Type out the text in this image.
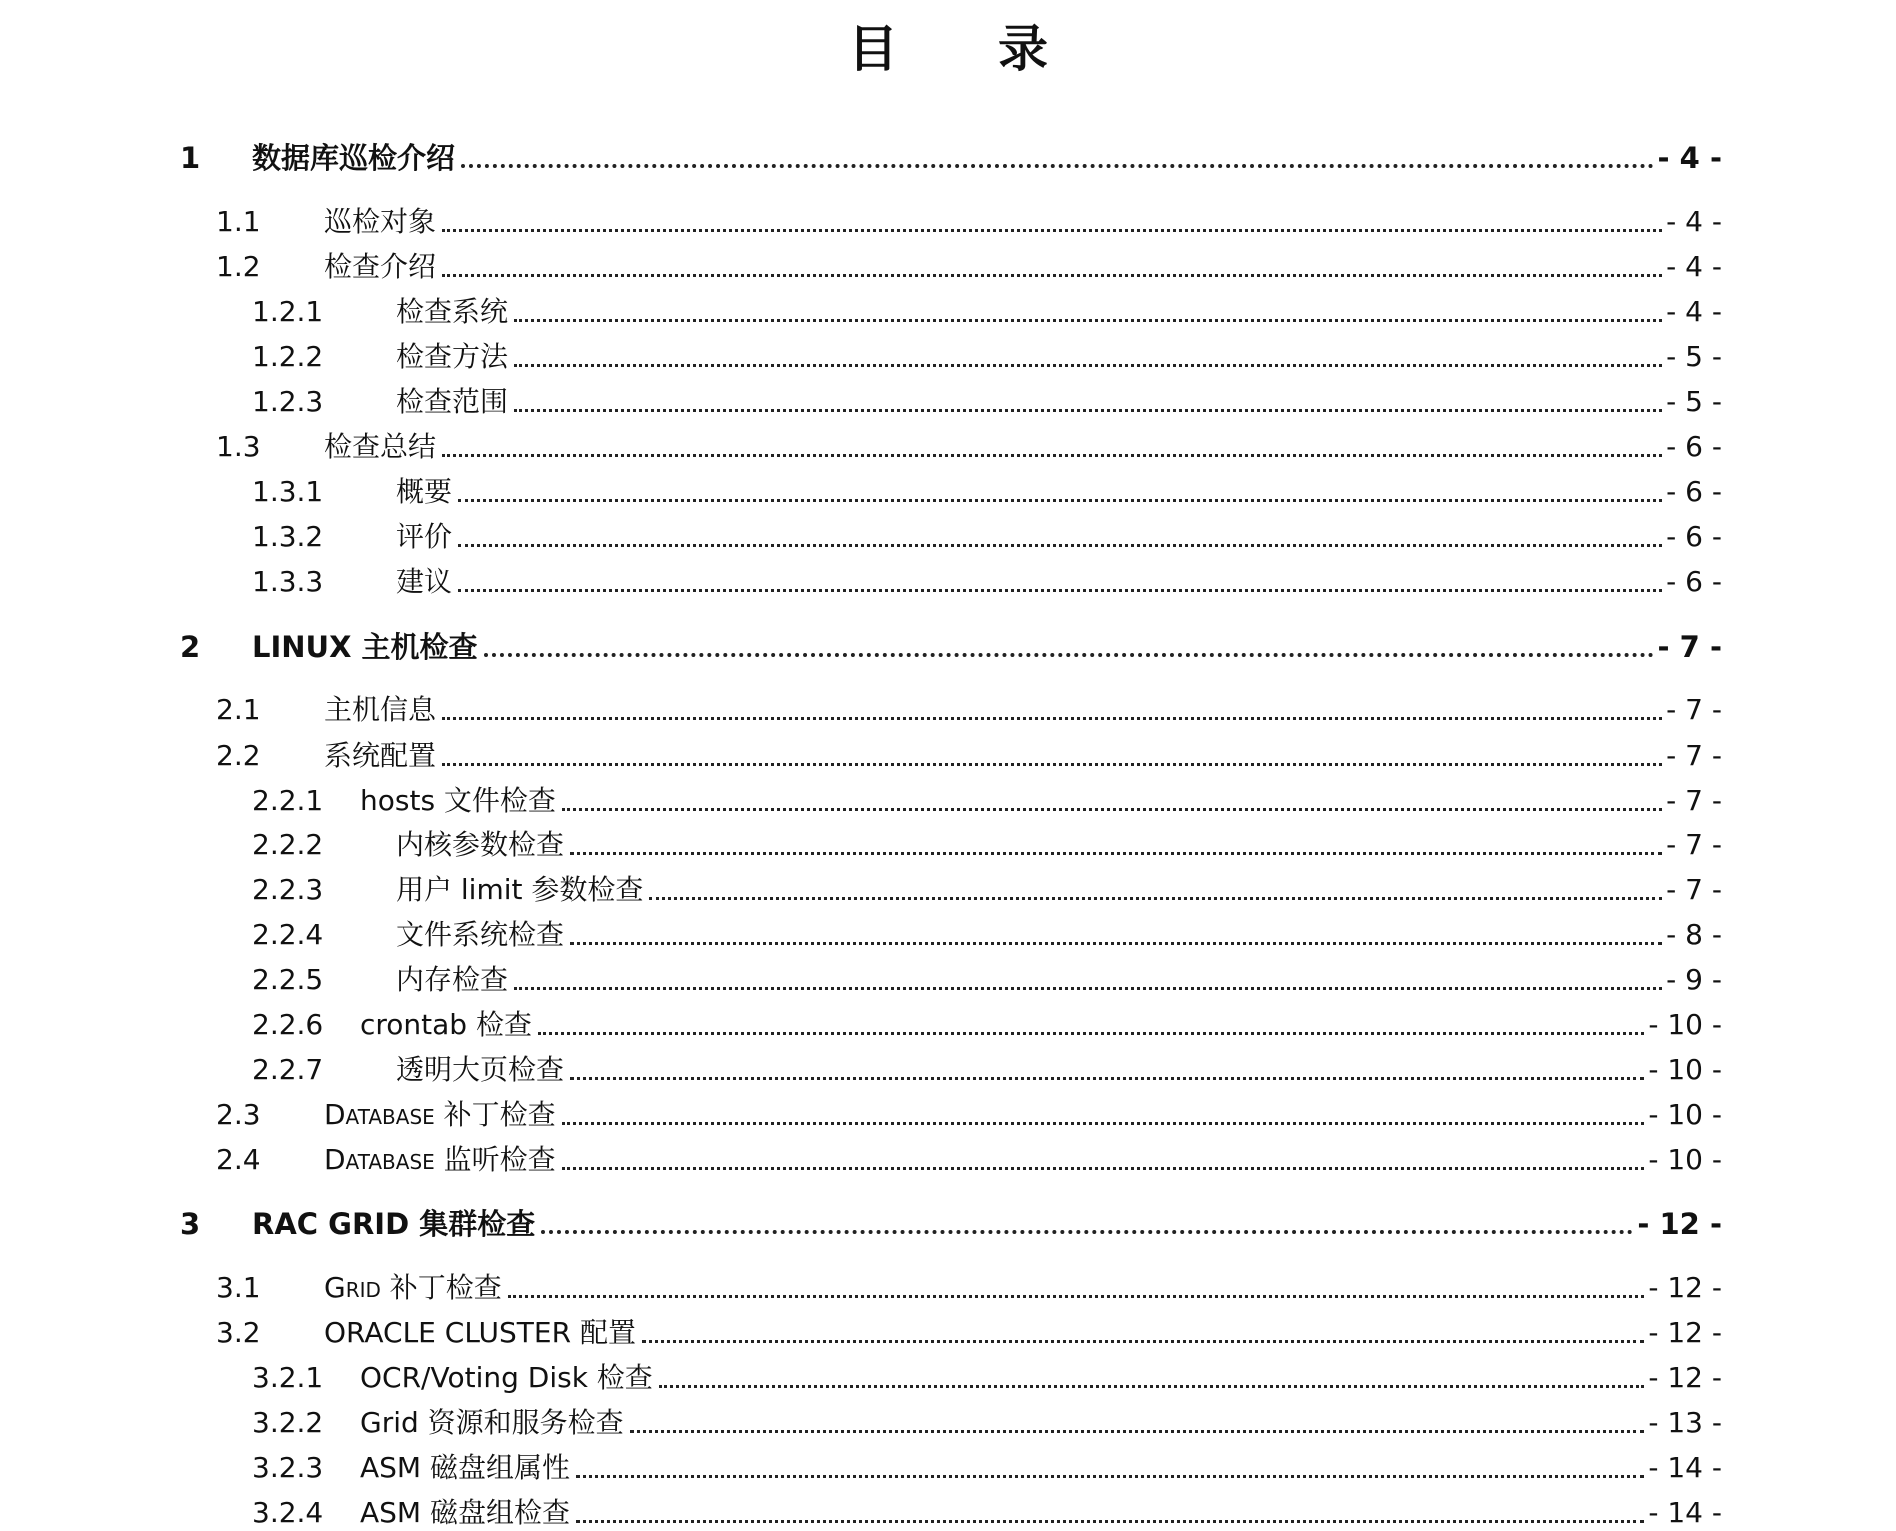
目录
1	数据库巡检介绍	- 4 -
1.1	巡检对象	- 4 -
1.2	检查介绍	- 4 -
1.2.1	检查系统	- 4 -
1.2.2	检查方法	- 5 -
1.2.3	检查范围	- 5 -
1.3	检查总结	- 6 -
1.3.1	概要	- 6 -
1.3.2	评价	- 6 -
1.3.3	建议	- 6 -
2	LINUX 主机检查	- 7 -
2.1	主机信息	- 7 -
2.2	系统配置	- 7 -
2.2.1	hosts 文件检查	- 7 -
2.2.2	内核参数检查	- 7 -
2.2.3	用户 limit 参数检查	- 7 -
2.2.4	文件系统检查	- 8 -
2.2.5	内存检查	- 9 -
2.2.6	crontab 检查	- 10 -
2.2.7	透明大页检查	- 10 -
2.3	Database 补丁检查	- 10 -
2.4	Database 监听检查	- 10 -
3	RAC GRID 集群检查	- 12 -
3.1	Grid 补丁检查	- 12 -
3.2	ORACLE CLUSTER 配置	- 12 -
3.2.1	OCR/Voting Disk 检查	- 12 -
3.2.2	Grid 资源和服务检查	- 13 -
3.2.3	ASM 磁盘组属性	- 14 -
3.2.4	ASM 磁盘组检查	- 14 -
